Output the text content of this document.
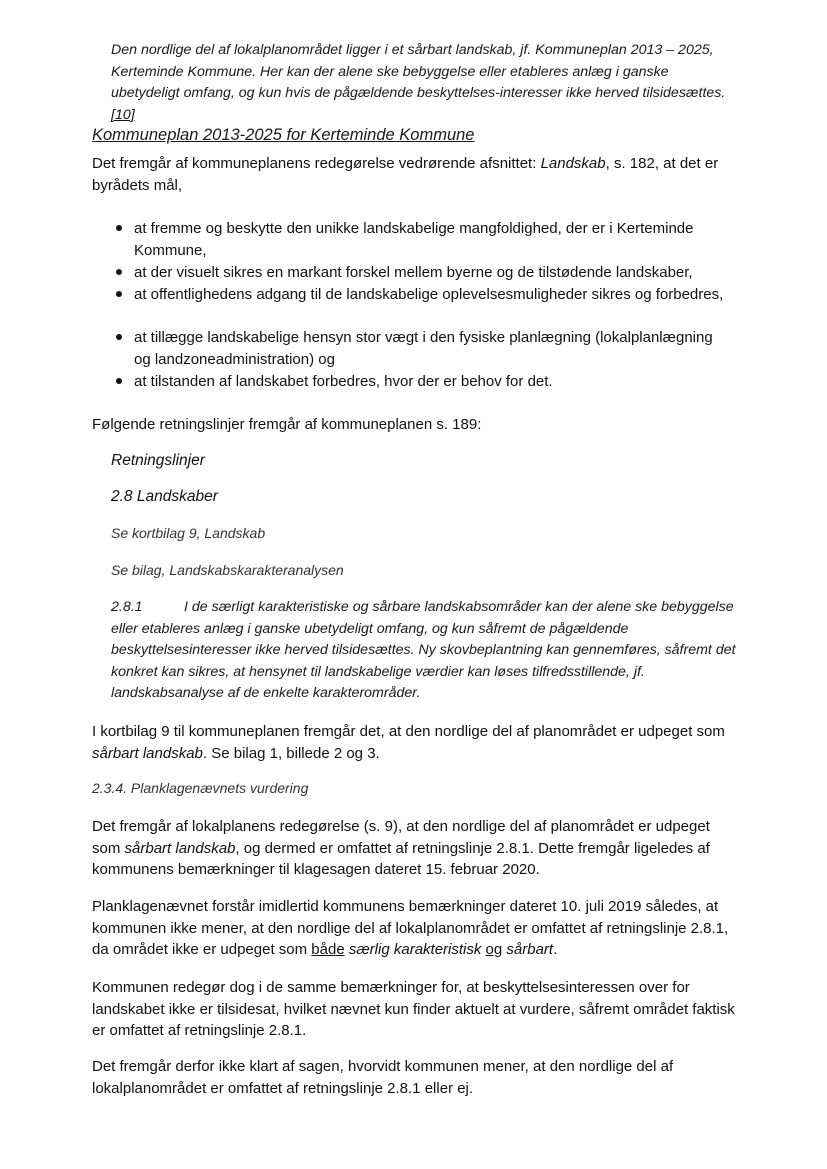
Den nordlige del af lokalplanområdet ligger i et sårbart landskab, jf. Kommuneplan 2013 – 2025, Kerteminde Kommune. Her kan der alene ske bebyggelse eller etableres anlæg i ganske ubetydeligt omfang, og kun hvis de pågældende beskyttelses-interesser ikke herved tilsidesættes.[10]

Kommuneplan 2013-2025 for Kerteminde Kommune

Det fremgår af kommuneplanens redegørelse vedrørende afsnittet: Landskab, s. 182, at det er byrådets mål,

at fremme og beskytte den unikke landskabelige mangfoldighed, der er i Kerteminde Kommune,
at der visuelt sikres en markant forskel mellem byerne og de tilstødende landskaber,
at offentlighedens adgang til de landskabelige oplevelsesmuligheder sikres og forbedres,
at tillægge landskabelige hensyn stor vægt i den fysiske planlægning (lokalplanlægning og landzoneadministration) og
at tilstanden af landskabet forbedres, hvor der er behov for det.

Følgende retningslinjer fremgår af kommuneplanen s. 189:

Retningslinjer

2.8 Landskaber

Se kortbilag 9, Landskab

Se bilag, Landskabskarakteranalysen

2.8.1	I de særligt karakteristiske og sårbare landskabsområder kan der alene ske bebyggelse eller etableres anlæg i ganske ubetydeligt omfang, og kun såfremt de pågældende beskyttelsesinteresser ikke herved tilsidesættes. Ny skovbeplantning kan gennemføres, såfremt det konkret kan sikres, at hensynet til landskabelige værdier kan løses tilfredsstillende, jf. landskabsanalyse af de enkelte karakterområder.

I kortbilag 9 til kommuneplanen fremgår det, at den nordlige del af planområdet er udpeget som sårbart landskab. Se bilag 1, billede 2 og 3.

2.3.4. Planklagenævnets vurdering

Det fremgår af lokalplanens redegørelse (s. 9), at den nordlige del af planområdet er udpeget som sårbart landskab, og dermed er omfattet af retningslinje 2.8.1. Dette fremgår ligeledes af kommunens bemærkninger til klagesagen dateret 15. februar 2020.

Planklagenævnet forstår imidlertid kommunens bemærkninger dateret 10. juli 2019 således, at kommunen ikke mener, at den nordlige del af lokalplanområdet er omfattet af retningslinje 2.8.1, da området ikke er udpeget som både særlig karakteristisk og sårbart.

Kommunen redegør dog i de samme bemærkninger for, at beskyttelsesinteressen over for landskabet ikke er tilsidesat, hvilket nævnet kun finder aktuelt at vurdere, såfremt området faktisk er omfattet af retningslinje 2.8.1.

Det fremgår derfor ikke klart af sagen, hvorvidt kommunen mener, at den nordlige del af lokalplanområdet er omfattet af retningslinje 2.8.1 eller ej.
